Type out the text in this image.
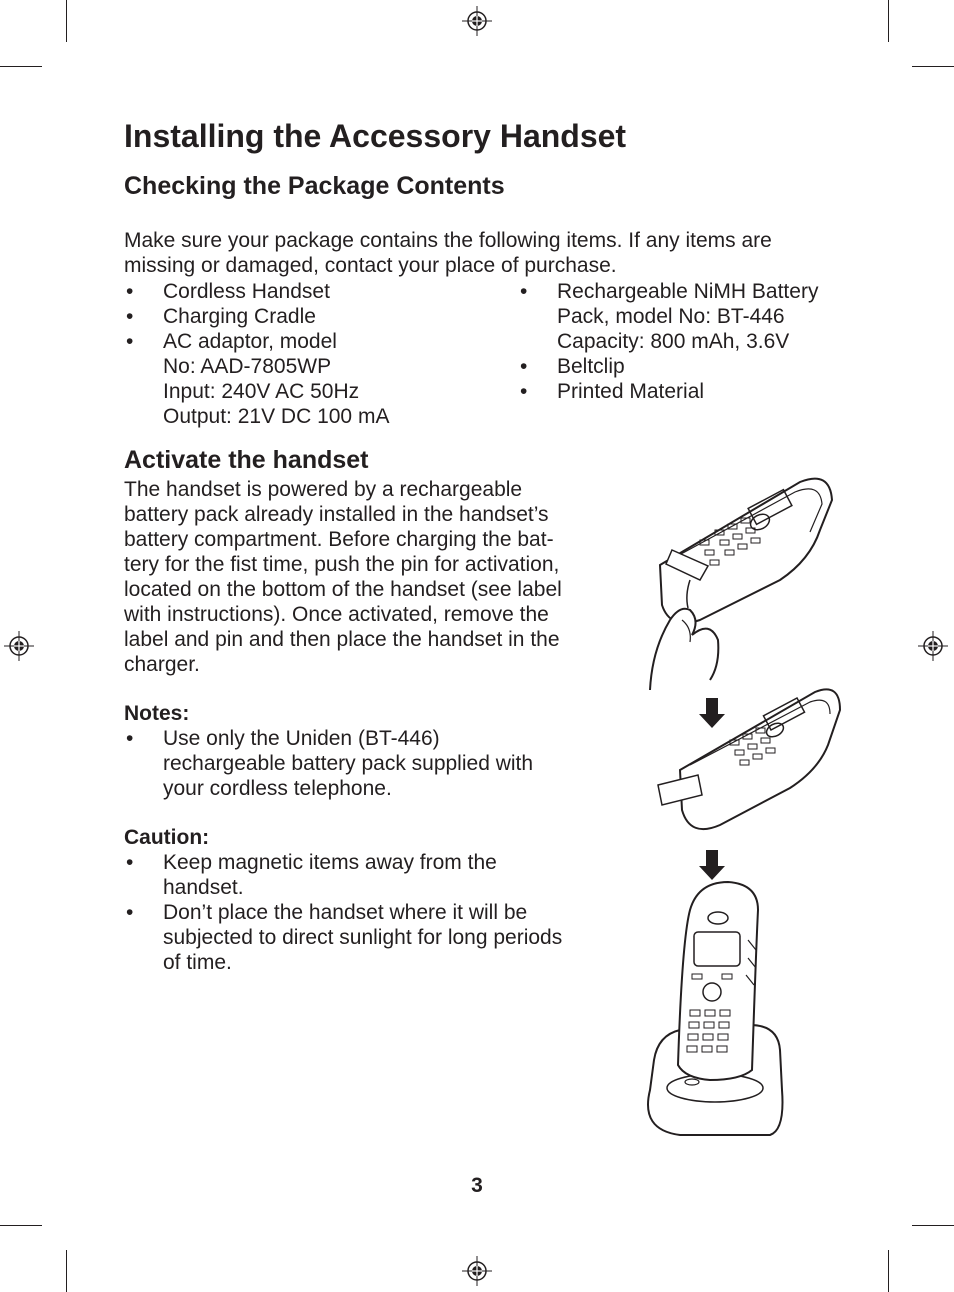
Installing the Accessory Handset
Checking the Package Contents

Make sure your package contains the following items. If any items are missing or damaged, contact your place of purchase.

• Cordless Handset
• Charging Cradle
• AC adaptor, model
No: AAD-7805WP
Input: 240V AC 50Hz
Output: 21V DC 100 mA
• Rechargeable NiMH Battery
Pack, model No: BT-446
Capacity: 800 mAh, 3.6V
• Beltclip
• Printed Material
Activate the handset
The handset is powered by a rechargeable
battery pack already installed in the handset’s
battery compartment. Before charging the bat-
tery for the fist time, push the pin for activation,
located on the bottom of the handset (see label
with instructions). Once activated, remove the
label and pin and then place the handset in the
charger.

Notes:

• Use only the Uniden (BT-446)
rechargeable battery pack supplied with
your cordless telephone.

Caution:

• Keep magnetic items away from the
handset.
• Don’t place the handset where it will be
subjected to direct sunlight for long periods
of time.
3
